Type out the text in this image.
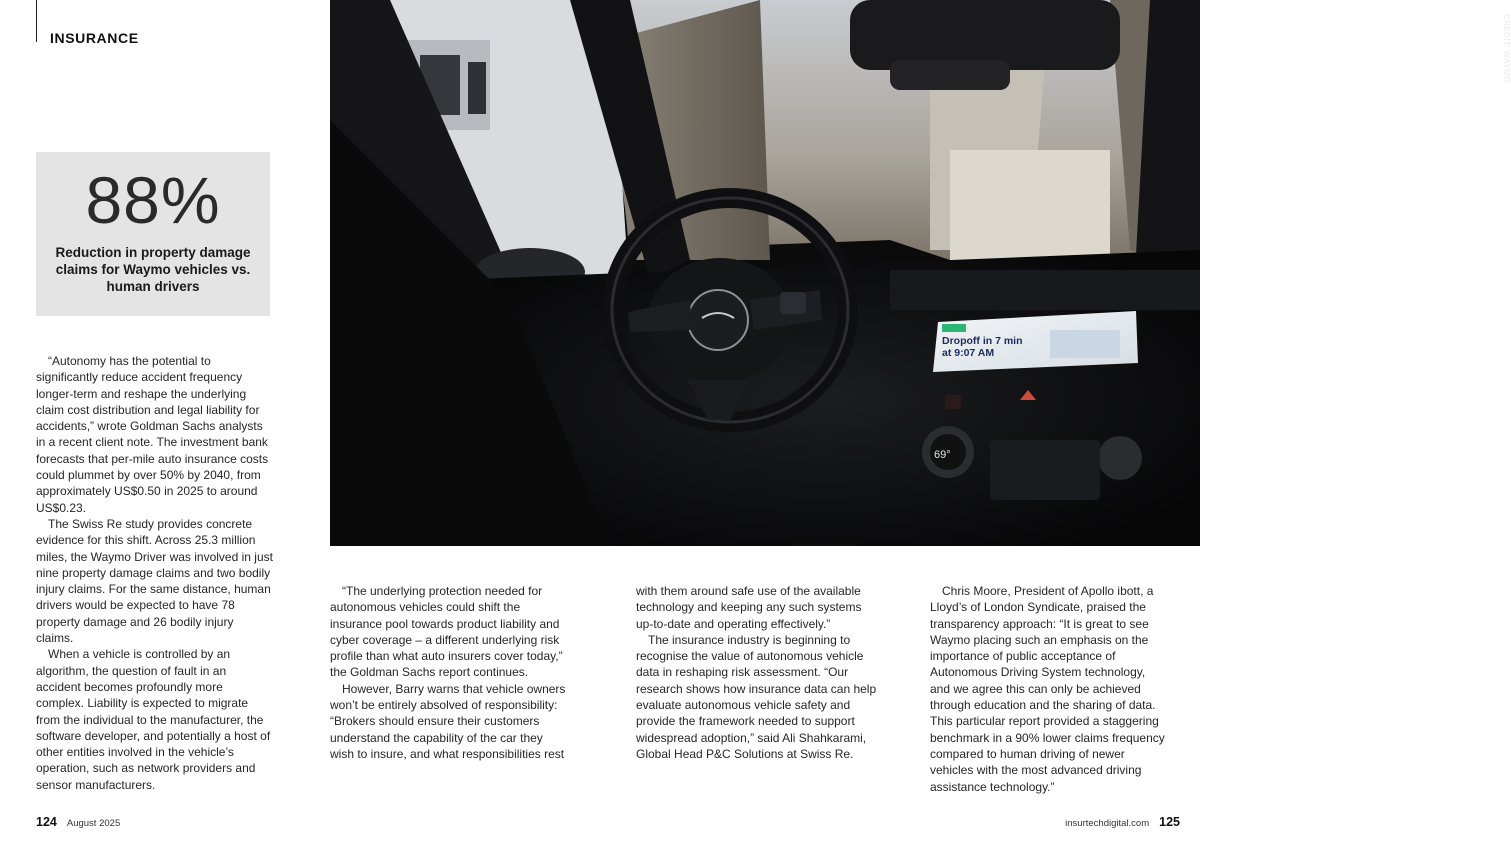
INSURANCE
88%
Reduction in property damage claims for Waymo vehicles vs. human drivers
Dropoff in 7 min
at 9:07 AM
69°
CREDIT: WAYMO

“Autonomy has the potential to significantly reduce accident frequency longer-term and reshape the underlying claim cost distribution and legal liability for accidents,” wrote Goldman Sachs analysts in a recent client note. The investment bank forecasts that per-mile auto insurance costs could plummet by over 50% by 2040, from approximately US$0.50 in 2025 to around US$0.23.

The Swiss Re study provides concrete evidence for this shift. Across 25.3 million miles, the Waymo Driver was involved in just nine property damage claims and two bodily injury claims. For the same distance, human drivers would be expected to have 78 property damage and 26 bodily injury claims.

When a vehicle is controlled by an algorithm, the question of fault in an accident becomes profoundly more complex. Liability is expected to migrate from the individual to the manufacturer, the software developer, and potentially a host of other entities involved in the vehicle’s operation, such as network providers and sensor manufacturers.

“The underlying protection needed for autonomous vehicles could shift the insurance pool towards product liability and cyber coverage – a different underlying risk profile than what auto insurers cover today,” the Goldman Sachs report continues.

However, Barry warns that vehicle owners won’t be entirely absolved of responsibility: “Brokers should ensure their customers understand the capability of the car they wish to insure, and what responsibilities rest

with them around safe use of the available technology and keeping any such systems up-to-date and operating effectively.”

The insurance industry is beginning to recognise the value of autonomous vehicle data in reshaping risk assessment. “Our research shows how insurance data can help evaluate autonomous vehicle safety and provide the framework needed to support widespread adoption,” said Ali Shahkarami, Global Head P&C Solutions at Swiss Re.

Chris Moore, President of Apollo ibott, a Lloyd’s of London Syndicate, praised the transparency approach: “It is great to see Waymo placing such an emphasis on the importance of public acceptance of Autonomous Driving System technology, and we agree this can only be achieved through education and the sharing of data. This particular report provided a staggering benchmark in a 90% lower claims frequency compared to human driving of newer vehicles with the most advanced driving assistance technology.”

124 August 2025	insurtechdigital.com 125
